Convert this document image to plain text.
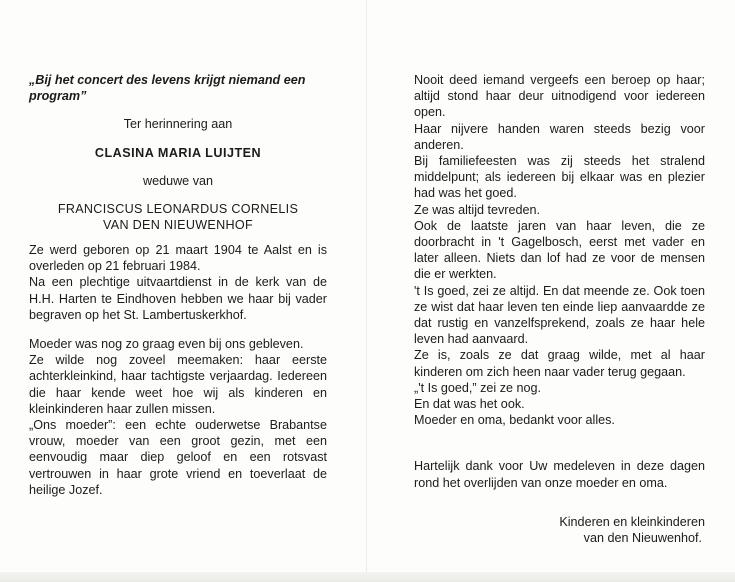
„Bij het concert des levens krijgt niemand een program”

Ter herinnering aan

CLASINA MARIA LUIJTEN

weduwe van

FRANCISCUS LEONARDUS CORNELIS
VAN DEN NIEUWENHOF

Ze werd geboren op 21 maart 1904 te Aalst en is overleden op 21 februari 1984.

Na een plechtige uitvaartdienst in de kerk van de H.H. Harten te Eindhoven hebben we haar bij vader begraven op het St. Lambertuskerkhof.

Moeder was nog zo graag even bij ons gebleven.

Ze wilde nog zoveel meemaken: haar eerste achterkleinkind, haar tachtigste verjaardag. Iedereen die haar kende weet hoe wij als kinderen en kleinkinderen haar zullen missen.

„Ons moeder”: een echte ouderwetse Brabantse vrouw, moeder van een groot gezin, met een eenvoudig maar diep geloof en een rotsvast vertrouwen in haar grote vriend en toeverlaat de heilige Jozef.

Nooit deed iemand vergeefs een beroep op haar; altijd stond haar deur uitnodigend voor iedereen open.

Haar nijvere handen waren steeds bezig voor anderen.

Bij familiefeesten was zij steeds het stralend middelpunt; als iedereen bij elkaar was en plezier had was het goed.

Ze was altijd tevreden.

Ook de laatste jaren van haar leven, die ze doorbracht in 't Gagelbosch, eerst met vader en later alleen. Niets dan lof had ze voor de mensen die er werkten.

't Is goed, zei ze altijd. En dat meende ze. Ook toen ze wist dat haar leven ten einde liep aanvaardde ze dat rustig en vanzelfsprekend, zoals ze haar hele leven had aanvaard.

Ze is, zoals ze dat graag wilde, met al haar kinderen om zich heen naar vader terug gegaan.

„'t Is goed,” zei ze nog.

En dat was het ook.

Moeder en oma, bedankt voor alles.

Hartelijk dank voor Uw medeleven in deze dagen rond het overlijden van onze moeder en oma.

Kinderen en kleinkinderen
van den Nieuwenhof.
